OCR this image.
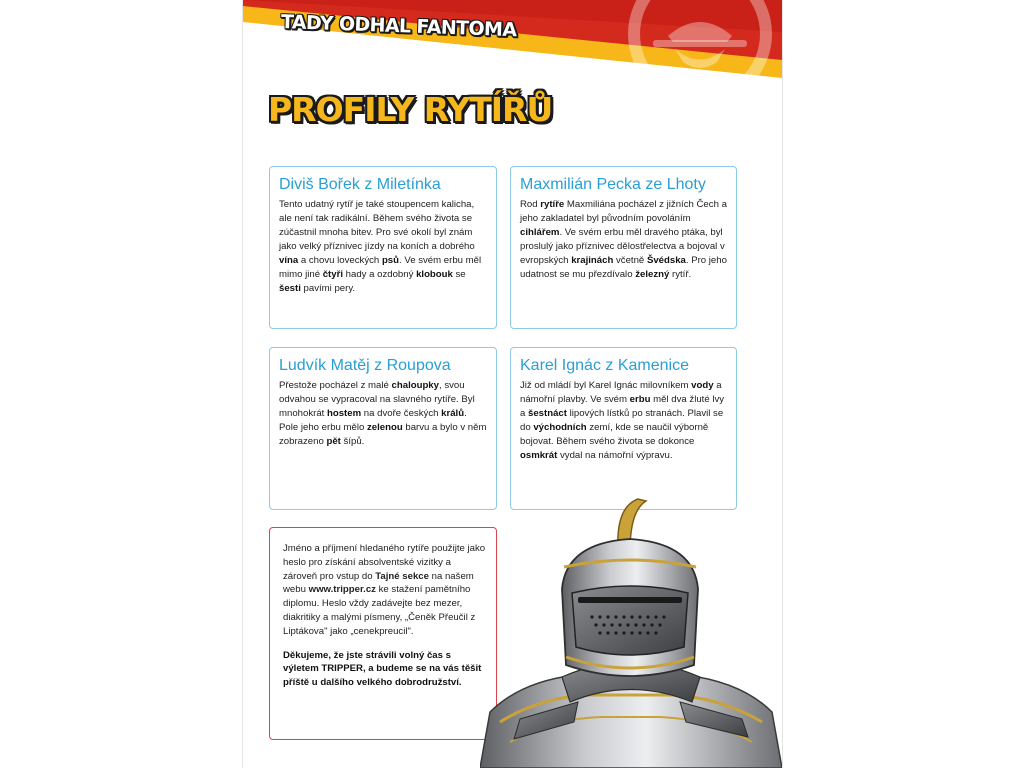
TADY ODHAL FANTOMA
PROFILY RYTÍŘŮ
Diviš Bořek z Miletínka
Tento udatný rytíř je také stoupencem kalicha, ale není tak radikální. Během svého života se zúčastnil mnoha bitev. Pro své okolí byl znám jako velký příznivec jízdy na koních a dobrého vína a chovu loveckých psů. Ve svém erbu měl mimo jiné čtyři hady a ozdobný klobouk se šesti pavími pery.
Maxmilián Pecka ze Lhoty
Rod rytíře Maxmiliána pocházel z jižních Čech a jeho zakladatel byl původním povoláním cihlářem. Ve svém erbu měl dravého ptáka, byl proslulý jako příznivec dělostřelectva a bojoval v evropských krajinách včetně Švédska. Pro jeho udatnost se mu přezdívalo železný rytíř.
Ludvík Matěj z Roupova
Přestože pocházel z malé chaloupky, svou odvahou se vypracoval na slavného rytíře. Byl mnohokrát hostem na dvoře českých králů. Pole jeho erbu mělo zelenou barvu a bylo v něm zobrazeno pět šípů.
Karel Ignác z Kamenice
Již od mládí byl Karel Ignác milovníkem vody a námořní plavby. Ve svém erbu měl dva žluté lvy a šestnáct lipových lístků po stranách. Plavil se do východních zemí, kde se naučil výborně bojovat. Během svého života se dokonce osmkrát vydal na námořní výpravu.

Jméno a příjmení hledaného rytíře použijte jako heslo pro získání absolventské vizitky a zároveň pro vstup do Tajné sekce na našem webu www.tripper.cz ke stažení pamětního diplomu. Heslo vždy zadávejte bez mezer, diakritiky a malými písmeny, „Čeněk Přeučil z Liptákova" jako „cenekpreucil".

Děkujeme, že jste strávili volný čas s výletem TRIPPER, a budeme se na vás těšit příště u dalšího velkého dobrodružství.
